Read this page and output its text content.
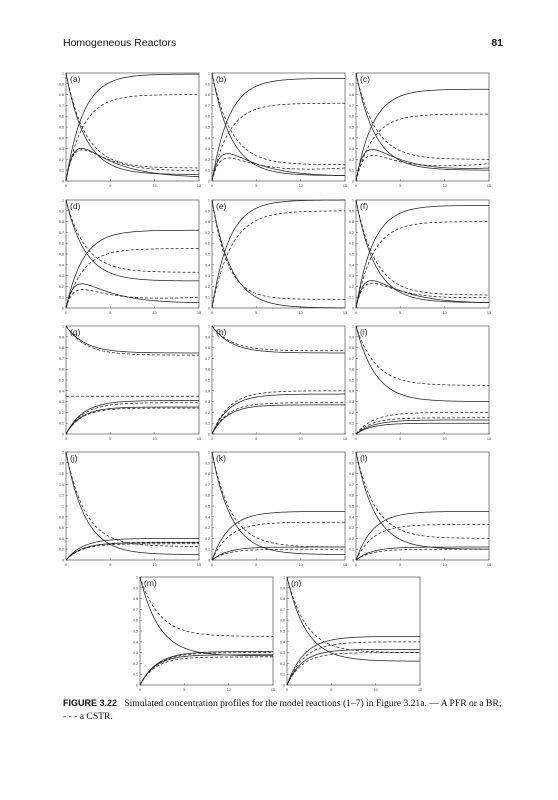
Homogeneous Reactors	81
0
0.1
0.2
0.3
0.4
0.5
0.6
0.7
0.8
0.9
1
0	5	10	15
(a)
0
0.1
0.2
0.3
0.4
0.5
0.6
0.7
0.8
0.9
1
0	5	10	15
(b)
0
0.1
0.2
0.3
0.4
0.5
0.6
0.7
0.8
0.9
1
0	5	10	15
(c)
0
0.1
0.2
0.3
0.4
0.5
0.6
0.7
0.8
0.9
1
0	5	10	15
(d)
0
0.1
0.2
0.3
0.4
0.5
0.6
0.7
0.8
0.9
1
0	5	10	15
(e)
0
0.1
0.2
0.3
0.4
0.5
0.6
0.7
0.8
0.9
1
0	5	10	15
(f)
0
0.1
0.2
0.3
0.4
0.5
0.6
0.7
0.8
0.9
1
0	5	10	15
(g)
0
0.1
0.2
0.3
0.4
0.5
0.6
0.7
0.8
0.9
1
0	5	10	15
(h)
0
0.1
0.2
0.3
0.4
0.5
0.6
0.7
0.8
0.9
1
0	5	10	15
(i)
0
0.2
0.4
0.6
0.8
1
1.2
1.4
1.6
1.8
2
0	5	10	15
(j)
0
0.1
0.2
0.3
0.4
0.5
0.6
0.7
0.8
0.9
1
0	5	10	15
(k)
0
0.1
0.2
0.3
0.4
0.5
0.6
0.7
0.8
0.9
1
0	5	10	15
(l)
0
0.1
0.2
0.3
0.4
0.5
0.6
0.7
0.8
0.9
1
0	5	10	15
(m)
0
0.1
0.2
0.3
0.4
0.5
0.6
0.7
0.8
0.9
1
0	5	10	15
(n)
FIGURE 3.22 Simulated concentration profiles for the model reactions (1–7) in Figure 3.21a. — A PFR or a BR; - - - a CSTR.
